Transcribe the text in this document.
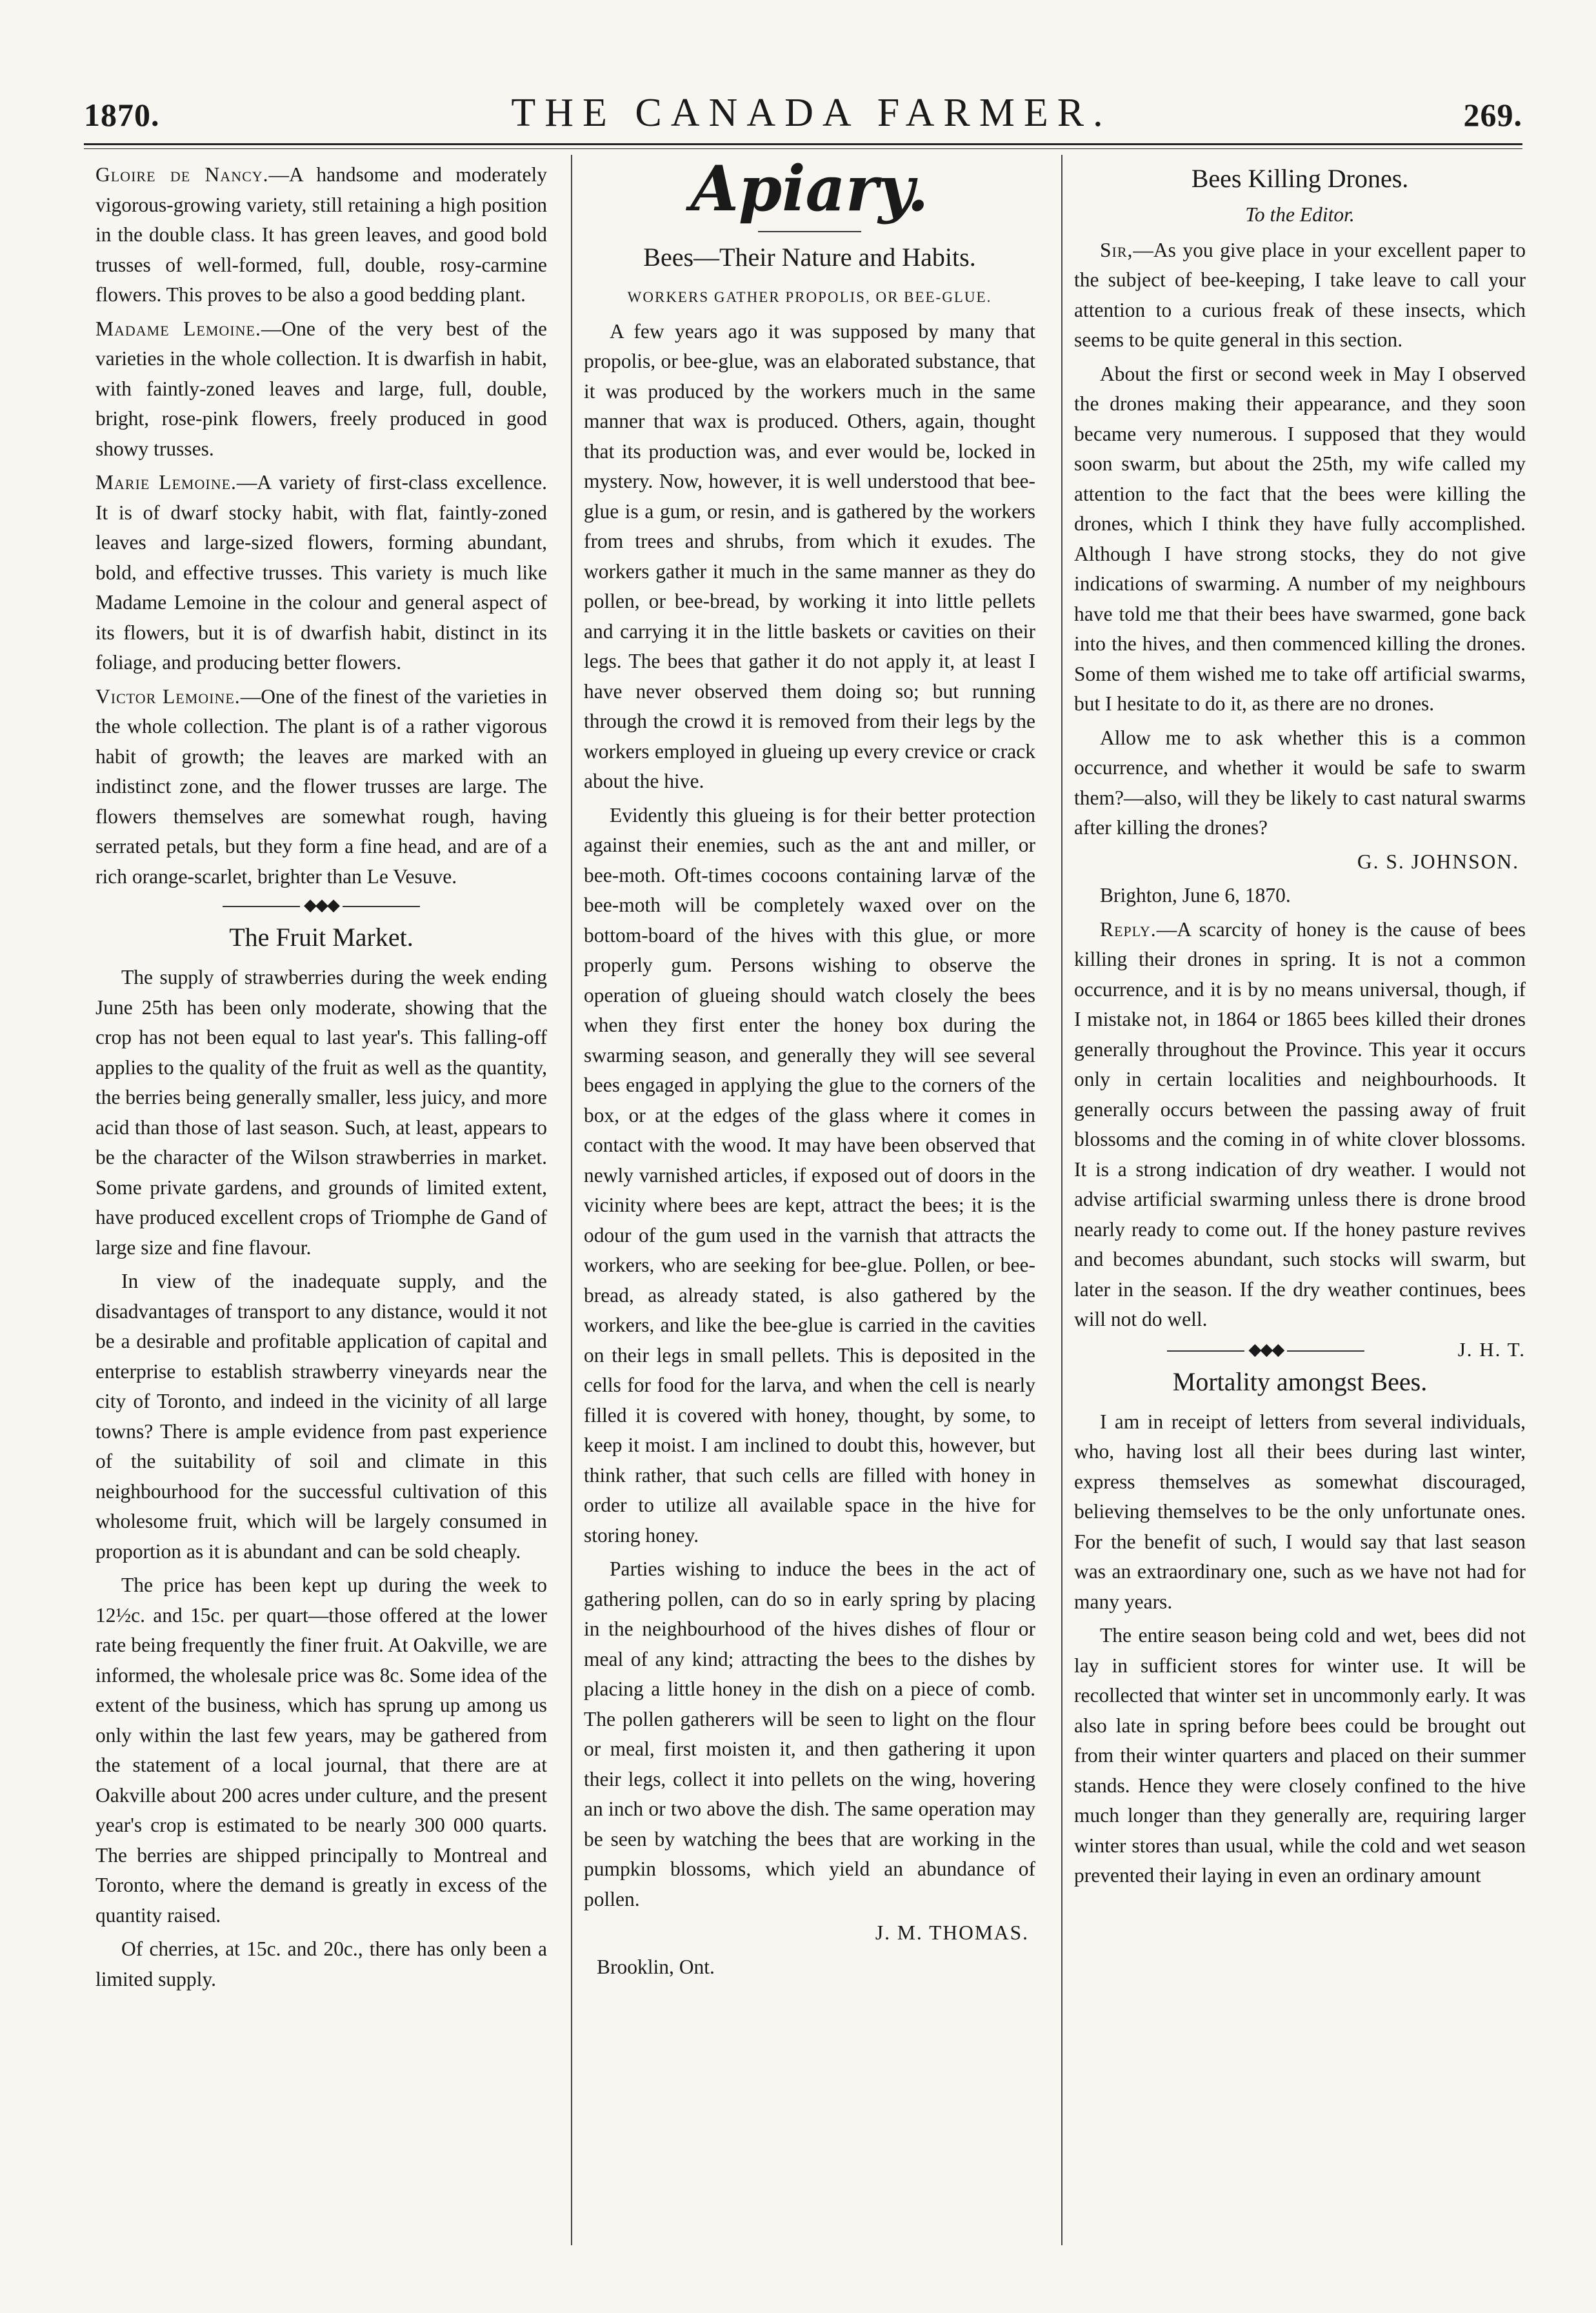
1870.	THE CANADA FARMER.	269.

Gloire de Nancy.—A handsome and moderately vigorous-growing variety, still retaining a high position in the double class. It has green leaves, and good bold trusses of well-formed, full, double, rosy-carmine flowers. This proves to be also a good bedding plant.

Madame Lemoine.—One of the very best of the varieties in the whole collection. It is dwarfish in habit, with faintly-zoned leaves and large, full, double, bright, rose-pink flowers, freely produced in good showy trusses.

Marie Lemoine.—A variety of first-class excellence. It is of dwarf stocky habit, with flat, faintly-zoned leaves and large-sized flowers, forming abundant, bold, and effective trusses. This variety is much like Madame Lemoine in the colour and general aspect of its flowers, but it is of dwarfish habit, distinct in its foliage, and producing better flowers.

Victor Lemoine.—One of the finest of the varieties in the whole collection. The plant is of a rather vigorous habit of growth; the leaves are marked with an indistinct zone, and the flower trusses are large. The flowers themselves are somewhat rough, having serrated petals, but they form a fine head, and are of a rich orange-scarlet, brighter than Le Vesuve.

◆◆◆
The Fruit Market.

The supply of strawberries during the week ending June 25th has been only moderate, showing that the crop has not been equal to last year's. This falling-off applies to the quality of the fruit as well as the quantity, the berries being generally smaller, less juicy, and more acid than those of last season. Such, at least, appears to be the character of the Wilson strawberries in market. Some private gardens, and grounds of limited extent, have produced excellent crops of Triomphe de Gand of large size and fine flavour.

In view of the inadequate supply, and the disadvantages of transport to any distance, would it not be a desirable and profitable application of capital and enterprise to establish strawberry vineyards near the city of Toronto, and indeed in the vicinity of all large towns? There is ample evidence from past experience of the suitability of soil and climate in this neighbourhood for the successful cultivation of this wholesome fruit, which will be largely consumed in proportion as it is abundant and can be sold cheaply.

The price has been kept up during the week to 12½c. and 15c. per quart—those offered at the lower rate being frequently the finer fruit. At Oakville, we are informed, the wholesale price was 8c. Some idea of the extent of the business, which has sprung up among us only within the last few years, may be gathered from the statement of a local journal, that there are at Oakville about 200 acres under culture, and the present year's crop is estimated to be nearly 300 000 quarts. The berries are shipped principally to Montreal and Toronto, where the demand is greatly in excess of the quantity raised.

Of cherries, at 15c. and 20c., there has only been a limited supply.

Apiary.
Bees—Their Nature and Habits.
WORKERS GATHER PROPOLIS, OR BEE-GLUE.

A few years ago it was supposed by many that propolis, or bee-glue, was an elaborated substance, that it was produced by the workers much in the same manner that wax is produced. Others, again, thought that its production was, and ever would be, locked in mystery. Now, however, it is well understood that bee-glue is a gum, or resin, and is gathered by the workers from trees and shrubs, from which it exudes. The workers gather it much in the same manner as they do pollen, or bee-bread, by working it into little pellets and carrying it in the little baskets or cavities on their legs. The bees that gather it do not apply it, at least I have never observed them doing so; but running through the crowd it is removed from their legs by the workers employed in glueing up every crevice or crack about the hive.

Evidently this glueing is for their better protection against their enemies, such as the ant and miller, or bee-moth. Oft-times cocoons containing larvæ of the bee-moth will be completely waxed over on the bottom-board of the hives with this glue, or more properly gum. Persons wishing to observe the operation of glueing should watch closely the bees when they first enter the honey box during the swarming season, and generally they will see several bees engaged in applying the glue to the corners of the box, or at the edges of the glass where it comes in contact with the wood. It may have been observed that newly varnished articles, if exposed out of doors in the vicinity where bees are kept, attract the bees; it is the odour of the gum used in the varnish that attracts the workers, who are seeking for bee-glue. Pollen, or bee-bread, as already stated, is also gathered by the workers, and like the bee-glue is carried in the cavities on their legs in small pellets. This is deposited in the cells for food for the larva, and when the cell is nearly filled it is covered with honey, thought, by some, to keep it moist. I am inclined to doubt this, however, but think rather, that such cells are filled with honey in order to utilize all available space in the hive for storing honey.

Parties wishing to induce the bees in the act of gathering pollen, can do so in early spring by placing in the neighbourhood of the hives dishes of flour or meal of any kind; attracting the bees to the dishes by placing a little honey in the dish on a piece of comb. The pollen gatherers will be seen to light on the flour or meal, first moisten it, and then gathering it upon their legs, collect it into pellets on the wing, hovering an inch or two above the dish. The same operation may be seen by watching the bees that are working in the pumpkin blossoms, which yield an abundance of pollen.

J. M. THOMAS.
Brooklin, Ont.
Bees Killing Drones.
To the Editor.

Sir,—As you give place in your excellent paper to the subject of bee-keeping, I take leave to call your attention to a curious freak of these insects, which seems to be quite general in this section.

About the first or second week in May I observed the drones making their appearance, and they soon became very numerous. I supposed that they would soon swarm, but about the 25th, my wife called my attention to the fact that the bees were killing the drones, which I think they have fully accomplished. Although I have strong stocks, they do not give indications of swarming. A number of my neighbours have told me that their bees have swarmed, gone back into the hives, and then commenced killing the drones. Some of them wished me to take off artificial swarms, but I hesitate to do it, as there are no drones.

Allow me to ask whether this is a common occurrence, and whether it would be safe to swarm them?—also, will they be likely to cast natural swarms after killing the drones?

G. S. JOHNSON.

Brighton, June 6, 1870.

Reply.—A scarcity of honey is the cause of bees killing their drones in spring. It is not a common occurrence, and it is by no means universal, though, if I mistake not, in 1864 or 1865 bees killed their drones generally throughout the Province. This year it occurs only in certain localities and neighbourhoods. It generally occurs between the passing away of fruit blossoms and the coming in of white clover blossoms. It is a strong indication of dry weather. I would not advise artificial swarming unless there is drone brood nearly ready to come out. If the honey pasture revives and becomes abundant, such stocks will swarm, but later in the season. If the dry weather continues, bees will not do well.

◆◆◆	J. H. T.
Mortality amongst Bees.

I am in receipt of letters from several individuals, who, having lost all their bees during last winter, express themselves as somewhat discouraged, believing themselves to be the only unfortunate ones. For the benefit of such, I would say that last season was an extraordinary one, such as we have not had for many years.

The entire season being cold and wet, bees did not lay in sufficient stores for winter use. It will be recollected that winter set in uncommonly early. It was also late in spring before bees could be brought out from their winter quarters and placed on their summer stands. Hence they were closely confined to the hive much longer than they generally are, requiring larger winter stores than usual, while the cold and wet season prevented their laying in even an ordinary amount
